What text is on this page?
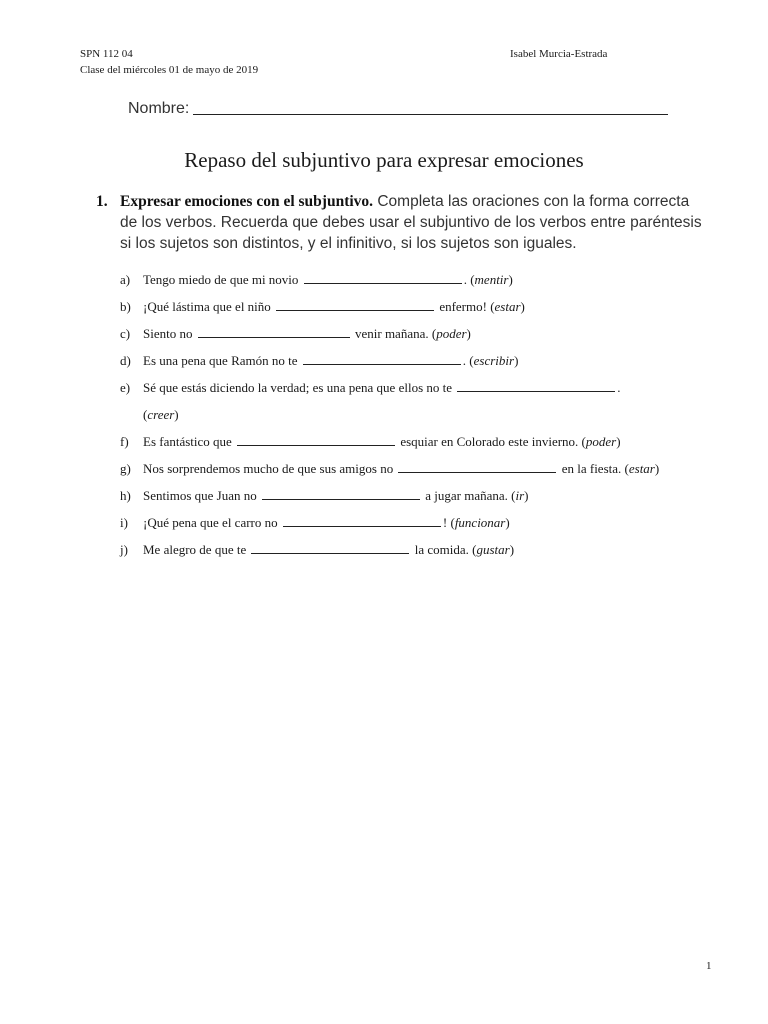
SPN 112 04
Clase del miércoles 01 de mayo de 2019
Isabel Murcia-Estrada
Nombre:
Repaso del subjuntivo para expresar emociones
1. Expresar emociones con el subjuntivo. Completa las oraciones con la forma correcta de los verbos. Recuerda que debes usar el subjuntivo de los verbos entre paréntesis si los sujetos son distintos, y el infinitivo, si los sujetos son iguales.
a) Tengo miedo de que mi novio	. (mentir)
b) ¡Qué lástima que el niño	enfermo! (estar)
c) Siento no	venir mañana. (poder)
d) Es una pena que Ramón no te	. (escribir)
e) Sé que estás diciendo la verdad; es una pena que ellos no te	.
(creer)
f) Es fantástico que	esquiar en Colorado este invierno. (poder)
g) Nos sorprendemos mucho de que sus amigos no	en la fiesta. (estar)
h) Sentimos que Juan no	a jugar mañana. (ir)
i) ¡Qué pena que el carro no	! (funcionar)
j) Me alegro de que te	la comida. (gustar)
1
